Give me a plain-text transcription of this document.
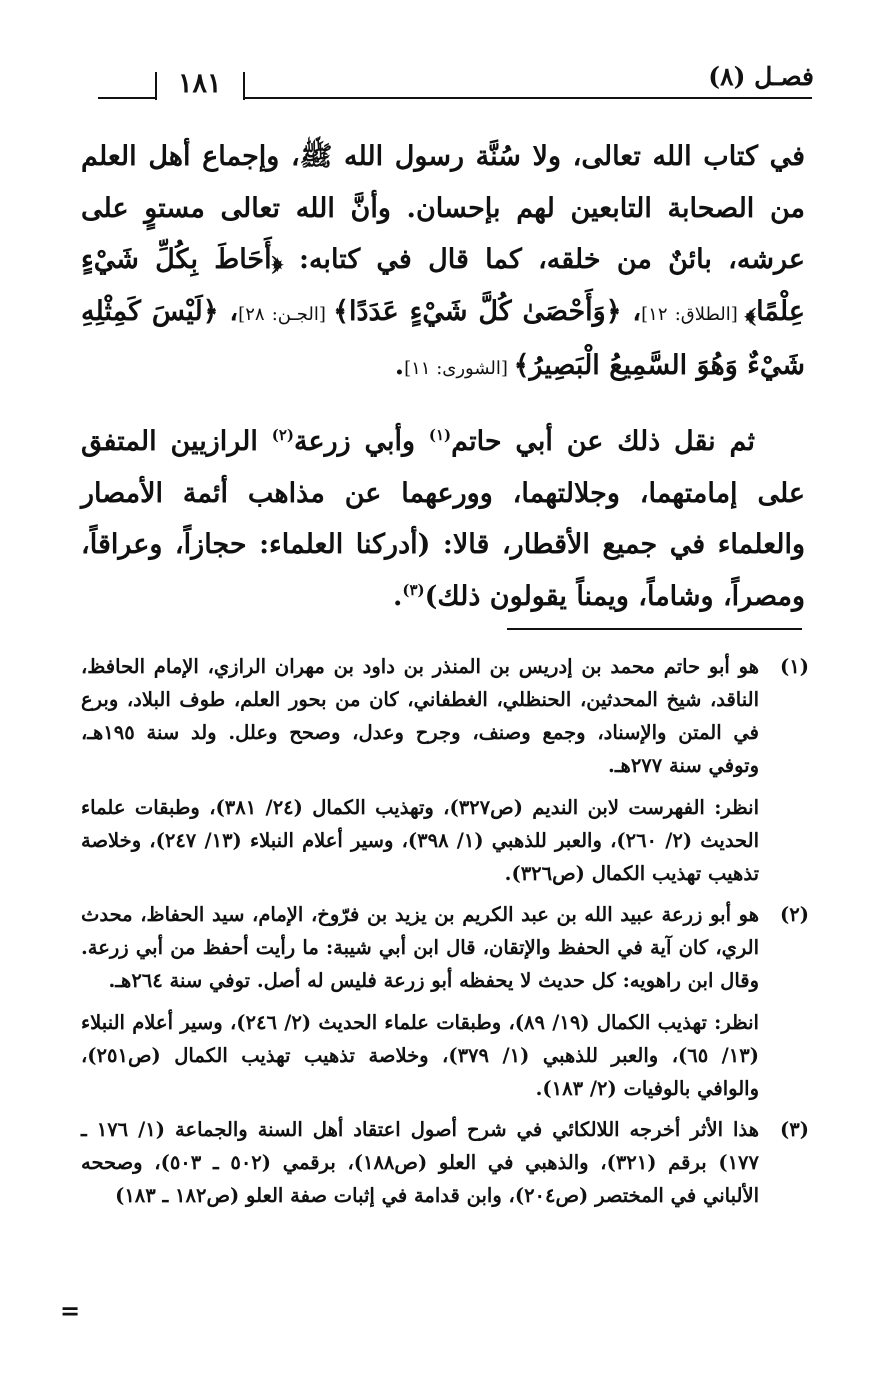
فصـل (٨)
١٨١
في كتاب الله تعالى، ولا سُنَّة رسول الله ﷺ، وإجماع أهل العلم من الصحابة التابعين لهم بإحسان. وأنَّ الله تعالى مستوٍ على عرشه، بائنٌ من خلقه، كما قال في كتابه: ﴿أَحَاطَ بِكُلِّ شَيْءٍ عِلْمًا﴾ [الطلاق: ١٢]، ﴿وَأَحْصَىٰ كُلَّ شَيْءٍ عَدَدًا﴾ [الجـن: ٢٨]، ﴿لَيْسَ كَمِثْلِهِ شَيْءٌ وَهُوَ السَّمِيعُ الْبَصِيرُ﴾ [الشورى: ١١].
ثم نقل ذلك عن أبي حاتم$^{(١)}$ وأبي زرعة$^{(٢)}$ الرازيين المتفق على إمامتهما، وجلالتهما، وورعهما عن مذاهب أئمة الأمصار والعلماء في جميع الأقطار، قالا: (أدركنا العلماء: حجازاً، وعراقاً، ومصراً، وشاماً، ويمناً يقولون ذلك)$^{(٣)}$.
(١)
هو أبو حاتم محمد بن إدريس بن المنذر بن داود بن مهران الرازي، الإمام الحافظ، الناقد، شيخ المحدثين، الحنظلي، الغطفاني، كان من بحور العلم، طوف البلاد، وبرع في المتن والإسناد، وجمع وصنف، وجرح وعدل، وصحح وعلل. ولد سنة ١٩٥هـ، وتوفي سنة ٢٧٧هـ.
انظر: الفهرست لابن النديم (ص٣٢٧)، وتهذيب الكمال (٢٤/ ٣٨١)، وطبقات علماء الحديث (٢/ ٢٦٠)، والعبر للذهبي (١/ ٣٩٨)، وسير أعلام النبلاء (١٣/ ٢٤٧)، وخلاصة تذهيب تهذيب الكمال (ص٣٢٦).
(٢)
هو أبو زرعة عبيد الله بن عبد الكريم بن يزيد بن فرّوخ، الإمام، سيد الحفاظ، محدث الري، كان آية في الحفظ والإتقان، قال ابن أبي شيبة: ما رأيت أحفظ من أبي زرعة. وقال ابن راهويه: كل حديث لا يحفظه أبو زرعة فليس له أصل. توفي سنة ٢٦٤هـ.
انظر: تهذيب الكمال (١٩/ ٨٩)، وطبقات علماء الحديث (٢/ ٢٤٦)، وسير أعلام النبلاء (١٣/ ٦٥)، والعبر للذهبي (١/ ٣٧٩)، وخلاصة تذهيب تهذيب الكمال (ص٢٥١)، والوافي بالوفيات (٢/ ١٨٣).
(٣)
هذا الأثر أخرجه اللالكائي في شرح أصول اعتقاد أهل السنة والجماعة (١/ ١٧٦ ـ ١٧٧) برقم (٣٢١)، والذهبي في العلو (ص١٨٨)، برقمي (٥٠٢ ـ ٥٠٣)، وصححه الألباني في المختصر (ص٢٠٤)، وابن قدامة في إثبات صفة العلو (ص١٨٢ ـ ١٨٣)
=
